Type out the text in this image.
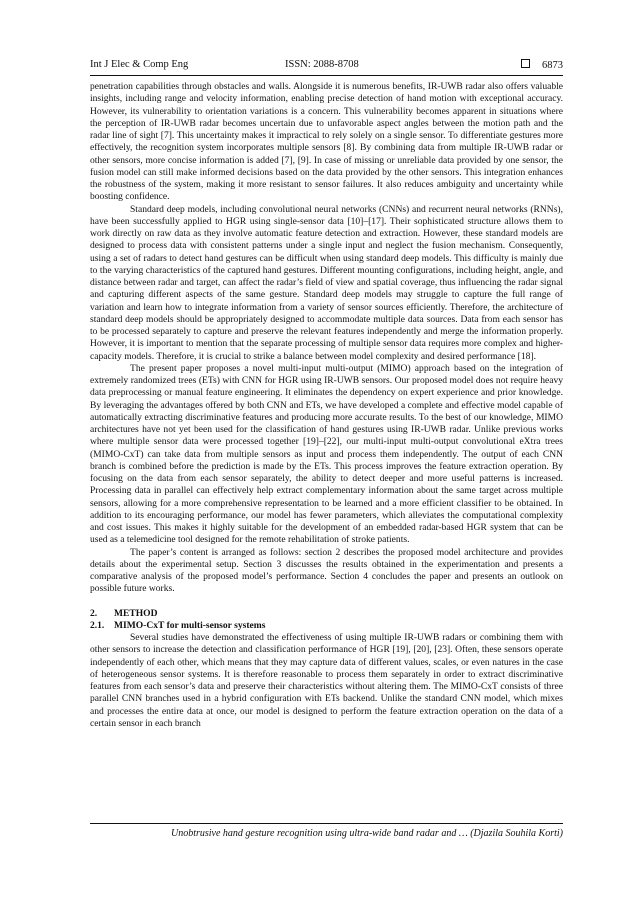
Int J Elec & Comp Eng	ISSN: 2088-8708	6873

penetration capabilities through obstacles and walls. Alongside it is numerous benefits, IR-UWB radar also offers valuable insights, including range and velocity information, enabling precise detection of hand motion with exceptional accuracy. However, its vulnerability to orientation variations is a concern. This vulnerability becomes apparent in situations where the perception of IR-UWB radar becomes uncertain due to unfavorable aspect angles between the motion path and the radar line of sight [7]. This uncertainty makes it impractical to rely solely on a single sensor. To differentiate gestures more effectively, the recognition system incorporates multiple sensors [8]. By combining data from multiple IR-UWB radar or other sensors, more concise information is added [7], [9]. In case of missing or unreliable data provided by one sensor, the fusion model can still make informed decisions based on the data provided by the other sensors. This integration enhances the robustness of the system, making it more resistant to sensor failures. It also reduces ambiguity and uncertainty while boosting confidence.

Standard deep models, including convolutional neural networks (CNNs) and recurrent neural networks (RNNs), have been successfully applied to HGR using single-sensor data [10]–[17]. Their sophisticated structure allows them to work directly on raw data as they involve automatic feature detection and extraction. However, these standard models are designed to process data with consistent patterns under a single input and neglect the fusion mechanism. Consequently, using a set of radars to detect hand gestures can be difficult when using standard deep models. This difficulty is mainly due to the varying characteristics of the captured hand gestures. Different mounting configurations, including height, angle, and distance between radar and target, can affect the radar’s field of view and spatial coverage, thus influencing the radar signal and capturing different aspects of the same gesture. Standard deep models may struggle to capture the full range of variation and learn how to integrate information from a variety of sensor sources efficiently. Therefore, the architecture of standard deep models should be appropriately designed to accommodate multiple data sources. Data from each sensor has to be processed separately to capture and preserve the relevant features independently and merge the information properly. However, it is important to mention that the separate processing of multiple sensor data requires more complex and higher-capacity models. Therefore, it is crucial to strike a balance between model complexity and desired performance [18].

The present paper proposes a novel multi-input multi-output (MIMO) approach based on the integration of extremely randomized trees (ETs) with CNN for HGR using IR-UWB sensors. Our proposed model does not require heavy data preprocessing or manual feature engineering. It eliminates the dependency on expert experience and prior knowledge. By leveraging the advantages offered by both CNN and ETs, we have developed a complete and effective model capable of automatically extracting discriminative features and producing more accurate results. To the best of our knowledge, MIMO architectures have not yet been used for the classification of hand gestures using IR-UWB radar. Unlike previous works where multiple sensor data were processed together [19]–[22], our multi-input multi-output convolutional eXtra trees (MIMO-CxT) can take data from multiple sensors as input and process them independently. The output of each CNN branch is combined before the prediction is made by the ETs. This process improves the feature extraction operation. By focusing on the data from each sensor separately, the ability to detect deeper and more useful patterns is increased. Processing data in parallel can effectively help extract complementary information about the same target across multiple sensors, allowing for a more comprehensive representation to be learned and a more efficient classifier to be obtained. In addition to its encouraging performance, our model has fewer parameters, which alleviates the computational complexity and cost issues. This makes it highly suitable for the development of an embedded radar-based HGR system that can be used as a telemedicine tool designed for the remote rehabilitation of stroke patients.

The paper’s content is arranged as follows: section 2 describes the proposed model architecture and provides details about the experimental setup. Section 3 discusses the results obtained in the experimentation and presents a comparative analysis of the proposed model’s performance. Section 4 concludes the paper and presents an outlook on possible future works.

2. METHOD

2.1. MIMO-CxT for multi-sensor systems

Several studies have demonstrated the effectiveness of using multiple IR-UWB radars or combining them with other sensors to increase the detection and classification performance of HGR [19], [20], [23]. Often, these sensors operate independently of each other, which means that they may capture data of different values, scales, or even natures in the case of heterogeneous sensor systems. It is therefore reasonable to process them separately in order to extract discriminative features from each sensor’s data and preserve their characteristics without altering them. The MIMO-CxT consists of three parallel CNN branches used in a hybrid configuration with ETs backend. Unlike the standard CNN model, which mixes and processes the entire data at once, our model is designed to perform the feature extraction operation on the data of a certain sensor in each branch

Unobtrusive hand gesture recognition using ultra-wide band radar and … (Djazila Souhila Korti)
